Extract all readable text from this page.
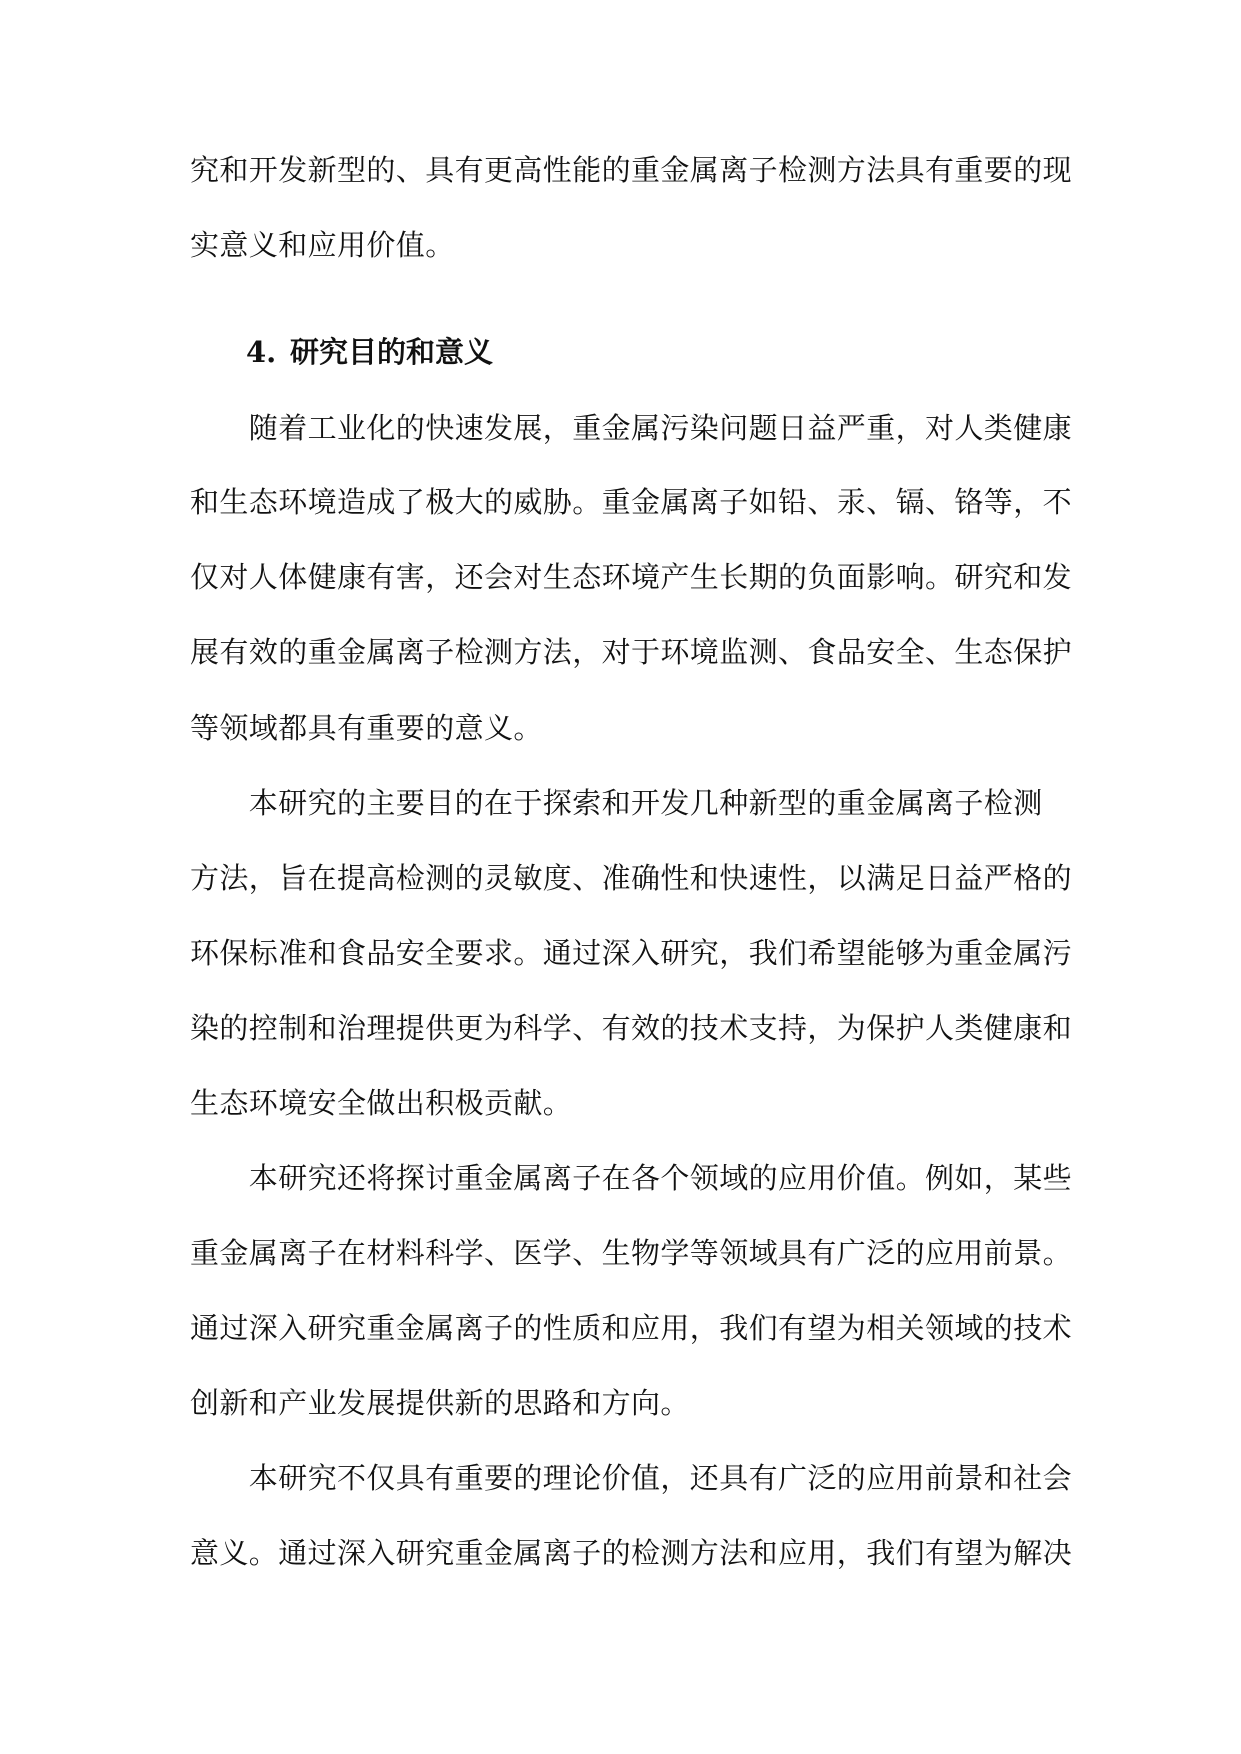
究和开发新型的、具有更高性能的重金属离子检测方法具有重要的现
实意义和应用价值。
4. 研究目的和意义
　　随着工业化的快速发展，重金属污染问题日益严重，对人类健康
和生态环境造成了极大的威胁。重金属离子如铅、汞、镉、铬等，不
仅对人体健康有害，还会对生态环境产生长期的负面影响。研究和发
展有效的重金属离子检测方法，对于环境监测、食品安全、生态保护
等领域都具有重要的意义。
　　本研究的主要目的在于探索和开发几种新型的重金属离子检测
方法，旨在提高检测的灵敏度、准确性和快速性，以满足日益严格的
环保标准和食品安全要求。通过深入研究，我们希望能够为重金属污
染的控制和治理提供更为科学、有效的技术支持，为保护人类健康和
生态环境安全做出积极贡献。
　　本研究还将探讨重金属离子在各个领域的应用价值。例如，某些
重金属离子在材料科学、医学、生物学等领域具有广泛的应用前景。
通过深入研究重金属离子的性质和应用，我们有望为相关领域的技术
创新和产业发展提供新的思路和方向。
　　本研究不仅具有重要的理论价值，还具有广泛的应用前景和社会
意义。通过深入研究重金属离子的检测方法和应用，我们有望为解决
